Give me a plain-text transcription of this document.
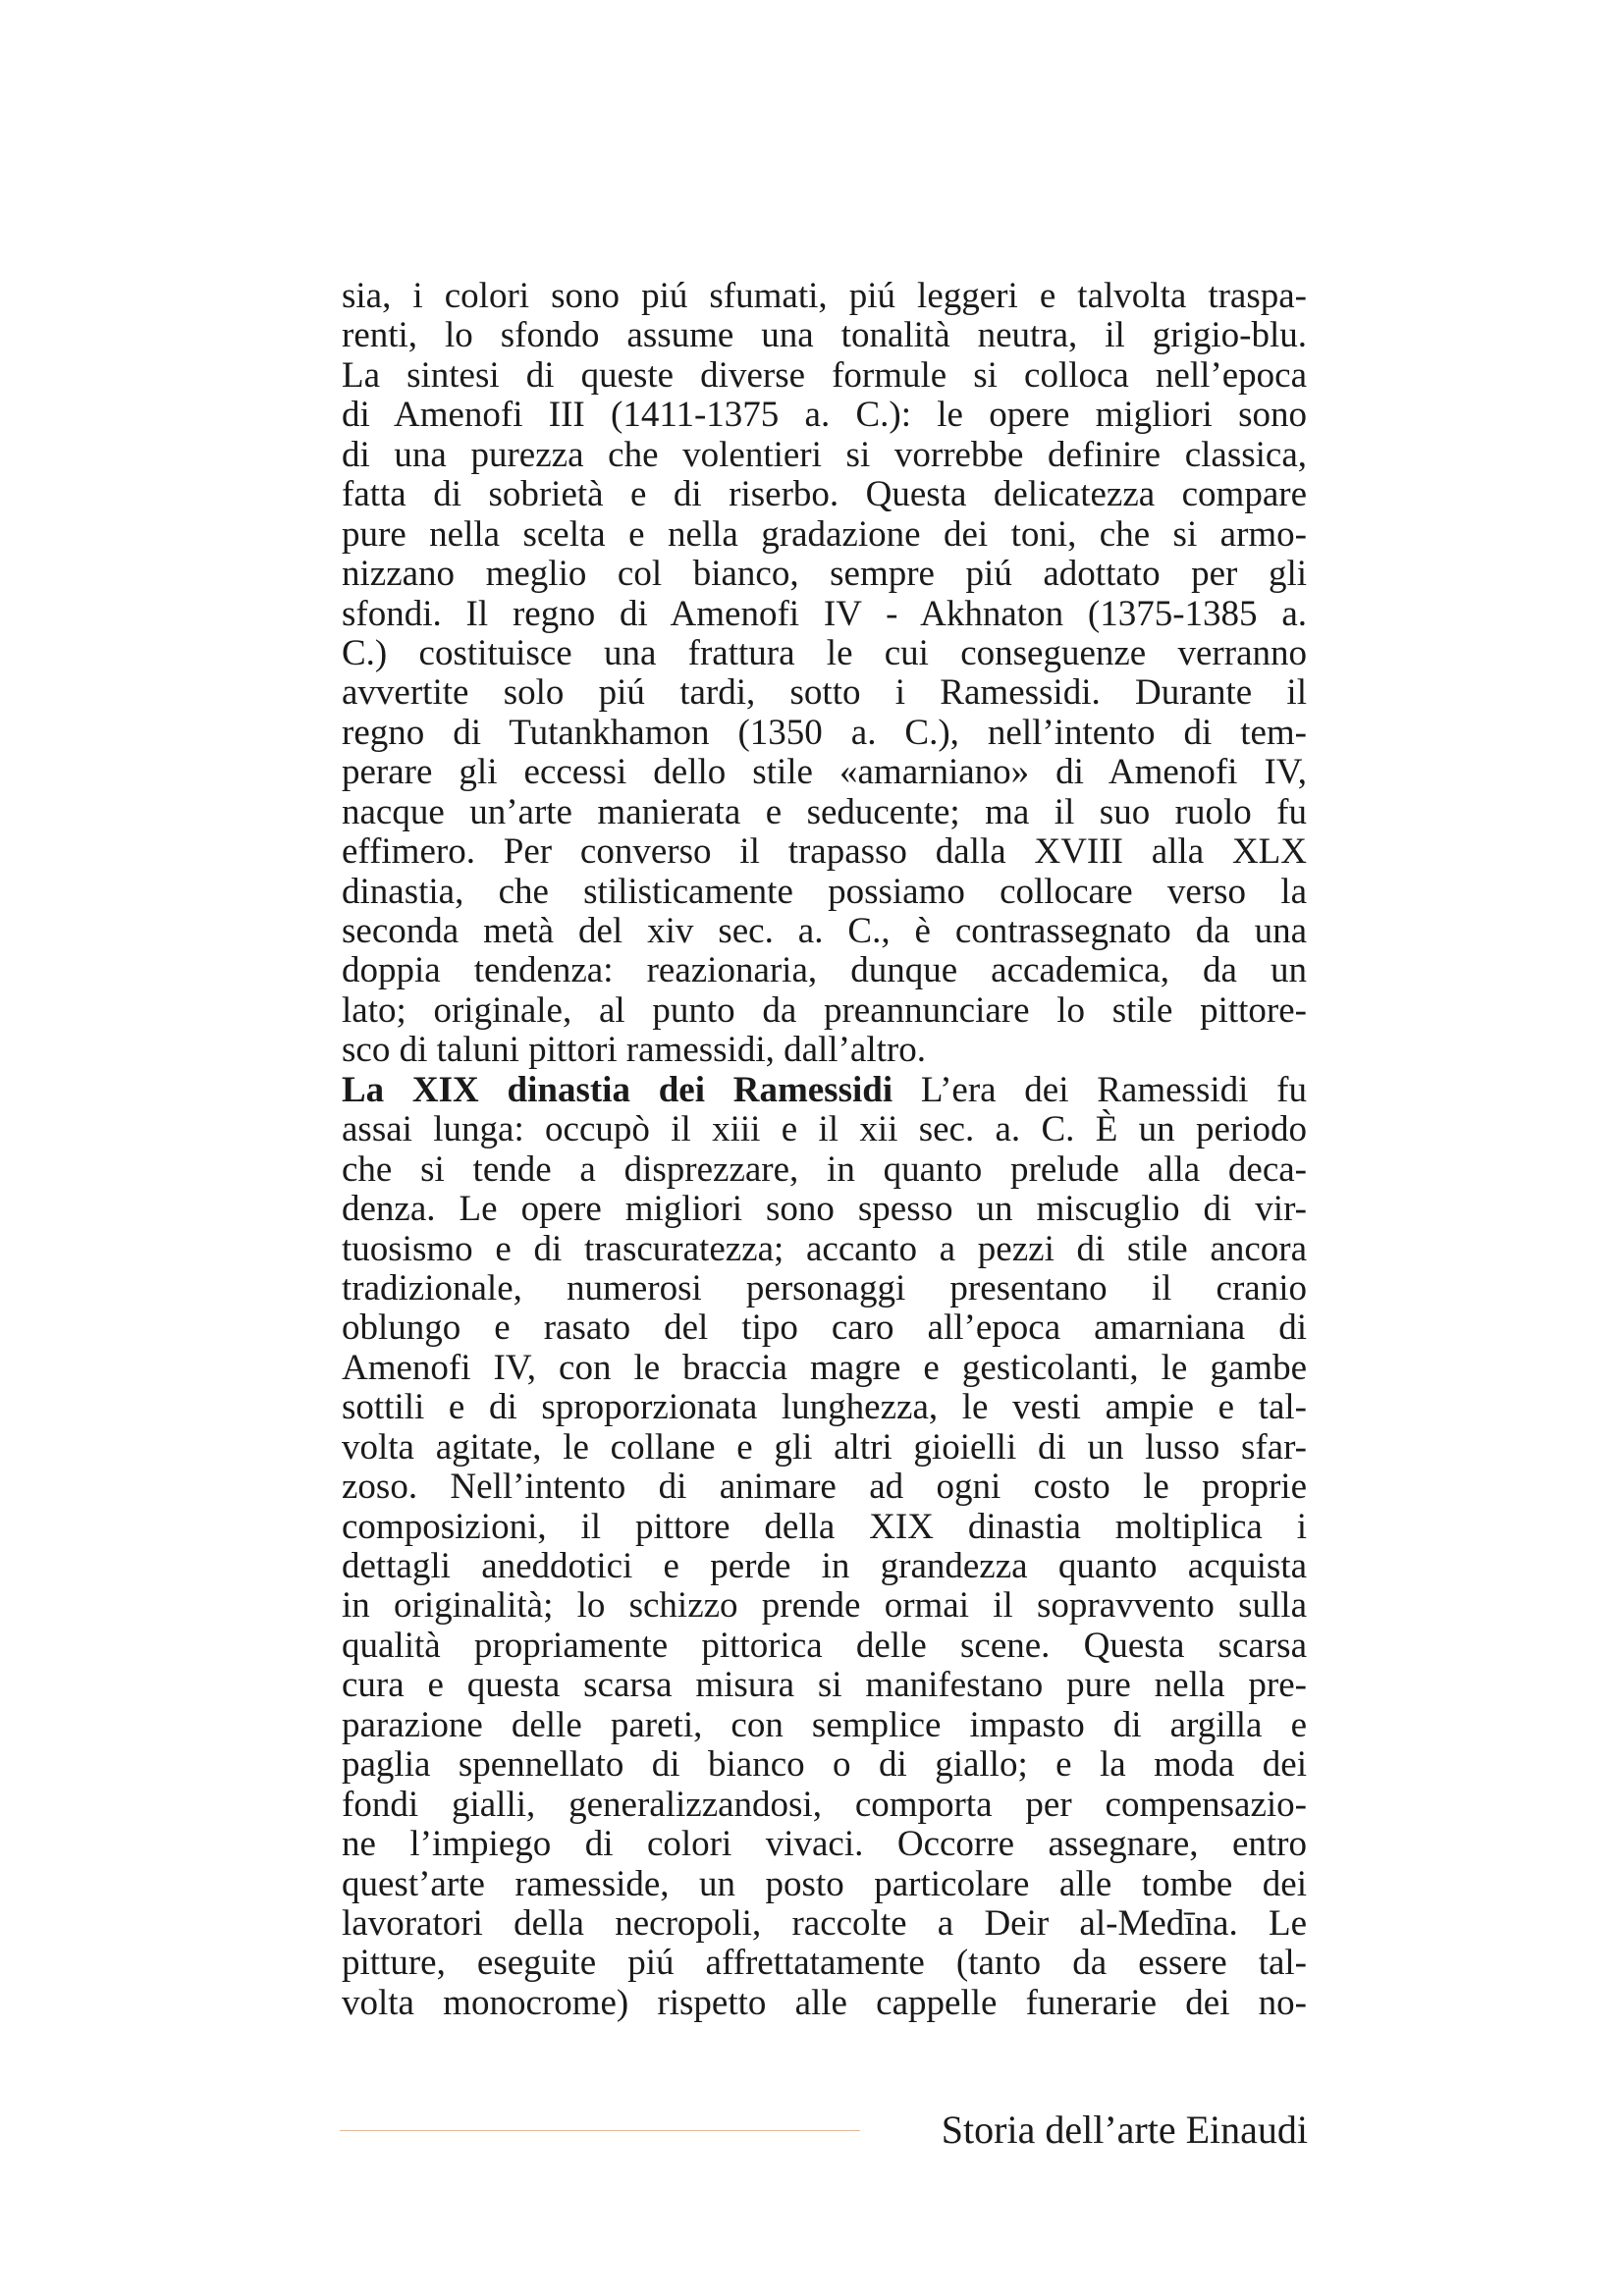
sia, i colori sono piú sfumati, piú leggeri e talvolta traspa-
renti, lo sfondo assume una tonalità neutra, il grigio-blu.
La sintesi di queste diverse formule si colloca nell’epoca
di Amenofi III (1411-1375 a. C.): le opere migliori sono
di una purezza che volentieri si vorrebbe definire classica,
fatta di sobrietà e di riserbo. Questa delicatezza compare
pure nella scelta e nella gradazione dei toni, che si armo-
nizzano meglio col bianco, sempre piú adottato per gli
sfondi. Il regno di Amenofi IV - Akhnaton (1375-1385 a.
C.) costituisce una frattura le cui conseguenze verranno
avvertite solo piú tardi, sotto i Ramessidi. Durante il
regno di Tutankhamon (1350 a. C.), nell’intento di tem-
perare gli eccessi dello stile «amarniano» di Amenofi IV,
nacque un’arte manierata e seducente; ma il suo ruolo fu
effimero. Per converso il trapasso dalla XVIII alla XLX
dinastia, che stilisticamente possiamo collocare verso la
seconda metà del xiv sec. a. C., è contrassegnato da una
doppia tendenza: reazionaria, dunque accademica, da un
lato; originale, al punto da preannunciare lo stile pittore-
sco di taluni pittori ramessidi, dall’altro.
La XIX dinastia dei Ramessidi L’era dei Ramessidi fu
assai lunga: occupò il xiii e il xii sec. a. C. È un periodo
che si tende a disprezzare, in quanto prelude alla deca-
denza. Le opere migliori sono spesso un miscuglio di vir-
tuosismo e di trascuratezza; accanto a pezzi di stile ancora
tradizionale, numerosi personaggi presentano il cranio
oblungo e rasato del tipo caro all’epoca amarniana di
Amenofi IV, con le braccia magre e gesticolanti, le gambe
sottili e di sproporzionata lunghezza, le vesti ampie e tal-
volta agitate, le collane e gli altri gioielli di un lusso sfar-
zoso. Nell’intento di animare ad ogni costo le proprie
composizioni, il pittore della XIX dinastia moltiplica i
dettagli aneddotici e perde in grandezza quanto acquista
in originalità; lo schizzo prende ormai il sopravvento sulla
qualità propriamente pittorica delle scene. Questa scarsa
cura e questa scarsa misura si manifestano pure nella pre-
parazione delle pareti, con semplice impasto di argilla e
paglia spennellato di bianco o di giallo; e la moda dei
fondi gialli, generalizzandosi, comporta per compensazio-
ne l’impiego di colori vivaci. Occorre assegnare, entro
quest’arte ramesside, un posto particolare alle tombe dei
lavoratori della necropoli, raccolte a Deir al-Medīna. Le
pitture, eseguite piú affrettatamente (tanto da essere tal-
volta monocrome) rispetto alle cappelle funerarie dei no-
Storia dell’arte Einaudi
